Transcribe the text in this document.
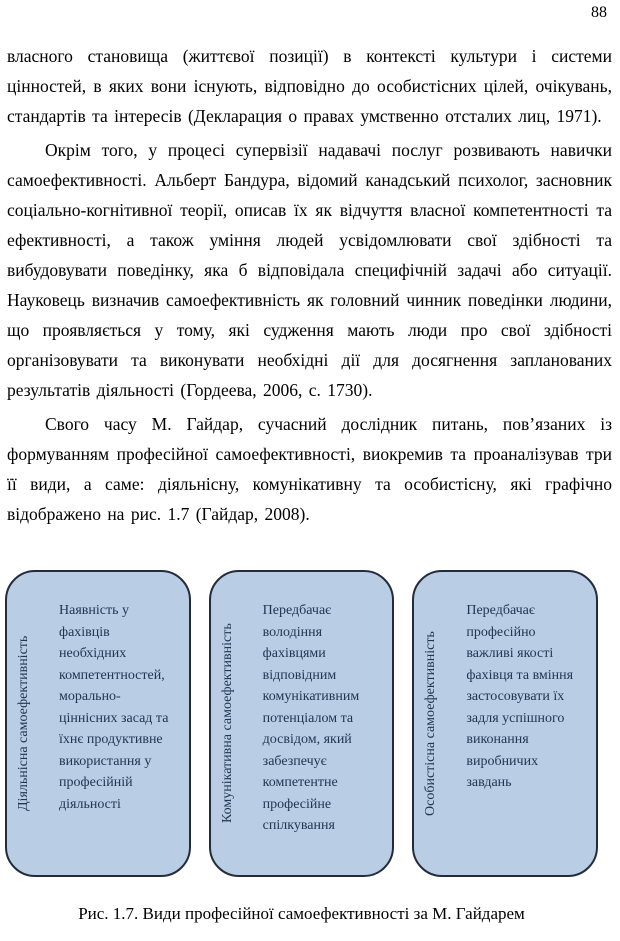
88

власного становища (життєвої позиції) в контексті культури і системи цінностей, в яких вони існують, відповідно до особистісних цілей, очікувань, стандартів та інтересів (Декларация о правах умственно отсталих лиц, 1971).

Окрім того, у процесі супервізії надавачі послуг розвивають навички самоефективності. Альберт Бандура, відомий канадський психолог, засновник соціально-когнітивної теорії, описав їх як відчуття власної компетентності та ефективності, а також уміння людей усвідомлювати свої здібності та вибудовувати поведінку, яка б відповідала специфічній задачі або ситуації. Науковець визначив самоефективність як головний чинник поведінки людини, що проявляється у тому, які судження мають люди про свої здібності організовувати та виконувати необхідні дії для досягнення запланованих результатів діяльності (Гордеева, 2006, с. 1730).

Свого часу М. Гайдар, сучасний дослідник питань, пов’язаних із формуванням професійної самоефективності, виокремив та проаналізував три її види, а саме: діяльнісну, комунікативну та особистісну, які графічно відображено на рис. 1.7 (Гайдар, 2008).

Діяльнісна самоефективність
Наявність у фахівців необхідних компетентностей, морально-ціннісних засад та їхнє продуктивне використання у професійній діяльності	Комунікативна самоефективність
Передбачає володіння фахівцями відповідним комунікативним потенціалом та досвідом, який забезпечує компетентне професійне спілкування
Особистісна самоефективність
Передбачає професійно важливі якості фахівця та вміння застосовувати їх задля успішного виконання виробничих завдань
Рис. 1.7. Види професійної самоефективності за М. Гайдарем
